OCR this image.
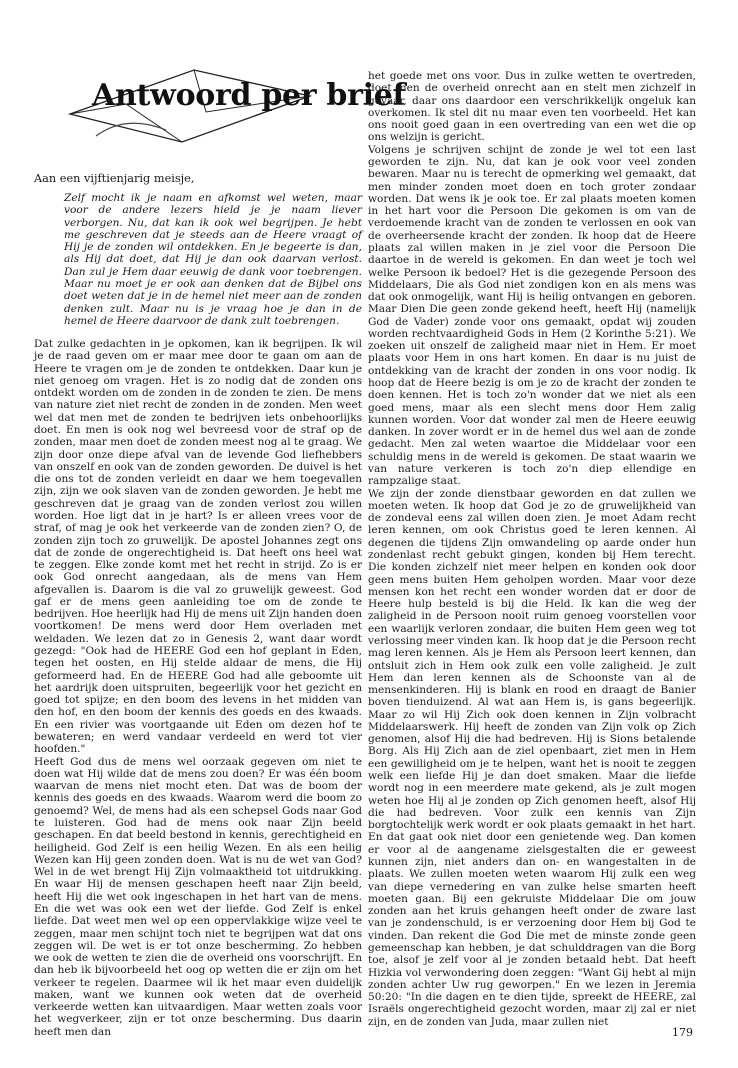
Antwoord per brief
Aan een vijftienjarig meisje,
Zelf mocht ik je naam en afkomst wel weten, maar voor de andere lezers hield je je naam liever verborgen. Nu, dat kan ik ook wel begrijpen. Je hebt me geschreven dat je steeds aan de Heere vraagt of Hij je de zonden wil ontdekken. En je begeerte is dan, als Hij dat doet, dat Hij je dan ook daarvan verlost. Dan zul je Hem daar eeuwig de dank voor toebrengen. Maar nu moet je er ook aan denken dat de Bijbel ons doet weten dat je in de hemel niet meer aan de zonden denken zult. Maar nu is je vraag hoe je dan in de hemel de Heere daarvoor de dank zult toebrengen.

Dat zulke gedachten in je opkomen, kan ik begrijpen. Ik wil je de raad geven om er maar mee door te gaan om aan de Heere te vragen om je de zonden te ontdekken. Daar kun je niet genoeg om vragen. Het is zo nodig dat de zonden ons ontdekt worden om de zonden in de zonden te zien. De mens van nature ziet niet recht de zonden in de zonden. Men weet wel dat men met de zonden te bedrijven iets onbehoorlijks doet. En men is ook nog wel bevreesd voor de straf op de zonden, maar men doet de zonden meest nog al te graag. We zijn door onze diepe afval van de levende God liefhebbers van onszelf en ook van de zonden geworden. De duivel is het die ons tot de zonden verleidt en daar we hem toegevallen zijn, zijn we ook slaven van de zonden geworden. Je hebt me geschreven dat je graag van de zonden verlost zou willen worden. Hoe ligt dat in je hart? Is er alleen vrees voor de straf, of mag je ook het verkeerde van de zonden zien? O, de zonden zijn toch zo gruwelijk. De apostel Johannes zegt ons dat de zonde de ongerechtigheid is. Dat heeft ons heel wat te zeggen. Elke zonde komt met het recht in strijd. Zo is er ook God onrecht aangedaan, als de mens van Hem afgevallen is. Daarom is die val zo gruwelijk geweest. God gaf er de mens geen aanleiding toe om de zonde te bedrijven. Hoe heerlijk had Hij de mens uit Zijn handen doen voortkomen! De mens werd door Hem overladen met weldaden. We lezen dat zo in Genesis 2, want daar wordt gezegd: "Ook had de HEERE God een hof geplant in Eden, tegen het oosten, en Hij stelde aldaar de mens, die Hij geformeerd had. En de HEERE God had alle geboomte uit het aardrijk doen uitspruiten, begeerlijk voor het gezicht en goed tot spijze; en den boom des levens in het midden van den hof, en den boom der kennis des goeds en des kwaads. En een rivier was voortgaande uit Eden om dezen hof te bewateren; en werd vandaar verdeeld en werd tot vier hoofden."

Heeft God dus de mens wel oorzaak gegeven om niet te doen wat Hij wilde dat de mens zou doen? Er was één boom waarvan de mens niet mocht eten. Dat was de boom der kennis des goeds en des kwaads. Waarom werd die boom zo genoemd? Wel, de mens had als een schepsel Gods naar God te luisteren. God had de mens ook naar Zijn beeld geschapen. En dat beeld bestond in kennis, gerechtigheid en heiligheid. God Zelf is een heilig Wezen. En als een heilig Wezen kan Hij geen zonden doen. Wat is nu de wet van God? Wel in de wet brengt Hij Zijn volmaaktheid tot uitdrukking. En waar Hij de mensen geschapen heeft naar Zijn beeld, heeft Hij die wet ook ingeschapen in het hart van de mens. En die wet was ook een wet der liefde. God Zelf is enkel liefde. Dat weet men wel op een oppervlakkige wijze veel te zeggen, maar men schijnt toch niet te begrijpen wat dat ons zeggen wil. De wet is er tot onze bescherming. Zo hebben we ook de wetten te zien die de overheid ons voorschrijft. En dan heb ik bijvoorbeeld het oog op wetten die er zijn om het verkeer te regelen. Daarmee wil ik het maar even duidelijk maken, want we kunnen ook weten dat de overheid verkeerde wetten kan uitvaardigen. Maar wetten zoals voor het wegverkeer, zijn er tot onze bescherming. Dus daarin heeft men dan

het goede met ons voor. Dus in zulke wetten te overtreden, doet men de overheid onrecht aan en stelt men zichzelf in gevaar, daar ons daardoor een verschrikkelijk ongeluk kan overkomen. Ik stel dit nu maar even ten voorbeeld. Het kan ons nooit goed gaan in een overtreding van een wet die op ons welzijn is gericht.

Volgens je schrijven schijnt de zonde je wel tot een last geworden te zijn. Nu, dat kan je ook voor veel zonden bewaren. Maar nu is terecht de opmerking wel gemaakt, dat men minder zonden moet doen en toch groter zondaar worden. Dat wens ik je ook toe. Er zal plaats moeten komen in het hart voor die Persoon Die gekomen is om van de verdoemende kracht van de zonden te verlossen en ook van de overheersende kracht der zonden. Ik hoop dat de Heere plaats zal willen maken in je ziel voor die Persoon Die daartoe in de wereld is gekomen. En dan weet je toch wel welke Persoon ik bedoel? Het is die gezegende Persoon des Middelaars, Die als God niet zondigen kon en als mens was dat ook onmogelijk, want Hij is heilig ontvangen en geboren. Maar Dien Die geen zonde gekend heeft, heeft Hij (namelijk God de Vader) zonde voor ons gemaakt, opdat wij zouden worden rechtvaardigheid Gods in Hem (2 Korinthe 5:21). We zoeken uit onszelf de zaligheid maar niet in Hem. Er moet plaats voor Hem in ons hart komen. En daar is nu juist de ontdekking van de kracht der zonden in ons voor nodig. Ik hoop dat de Heere bezig is om je zo de kracht der zonden te doen kennen. Het is toch zo'n wonder dat we niet als een goed mens, maar als een slecht mens door Hem zalig kunnen worden. Voor dat wonder zal men de Heere eeuwig danken. In zover wordt er in de hemel dus wel aan de zonde gedacht. Men zal weten waartoe die Middelaar voor een schuldig mens in de wereld is gekomen. De staat waarin we van nature verkeren is toch zo'n diep ellendige en rampzalige staat.

We zijn der zonde dienstbaar geworden en dat zullen we moeten weten. Ik hoop dat God je zo de gruwelijkheid van de zondeval eens zal willen doen zien. Je moet Adam recht leren kennen, om ook Christus goed te leren kennen. Al degenen die tijdens Zijn omwandeling op aarde onder hun zondenlast recht gebukt gingen, konden bij Hem terecht. Die konden zichzelf niet meer helpen en konden ook door geen mens buiten Hem geholpen worden. Maar voor deze mensen kon het recht een wonder worden dat er door de Heere hulp besteld is bij die Held. Ik kan die weg der zaligheid in de Persoon nooit ruim genoeg voorstellen voor een waarlijk verloren zondaar, die buiten Hem geen weg tot verlossing meer vinden kan. Ik hoop dat je die Persoon recht mag leren kennen. Als je Hem als Persoon leert kennen, dan ontsluit zich in Hem ook zulk een volle zaligheid. Je zult Hem dan leren kennen als de Schoonste van al de mensenkinderen. Hij is blank en rood en draagt de Banier boven tienduizend. Al wat aan Hem is, is gans begeerlijk. Maar zo wil Hij Zich ook doen kennen in Zijn volbracht Middelaarswerk. Hij heeft de zonden van Zijn volk op Zich genomen, alsof Hij die had bedreven. Hij is Sions betalende Borg. Als Hij Zich aan de ziel openbaart, ziet men in Hem een gewilligheid om je te helpen, want het is nooit te zeggen welk een liefde Hij je dan doet smaken. Maar die liefde wordt nog in een meerdere mate gekend, als je zult mogen weten hoe Hij al je zonden op Zich genomen heeft, alsof Hij die had bedreven. Voor zulk een kennis van Zijn borgtochtelijk werk wordt er ook plaats gemaakt in het hart. En dat gaat ook niet door een genietende weg. Dan komen er voor al de aangename zielsgestalten die er geweest kunnen zijn, niet anders dan on- en wangestalten in de plaats. We zullen moeten weten waarom Hij zulk een weg van diepe vernedering en van zulke helse smarten heeft moeten gaan. Bij een gekruiste Middelaar Die om jouw zonden aan het kruis gehangen heeft onder de zware last van je zondenschuld, is er verzoening door Hem bij God te vinden. Dan rekent die God Die met de minste zonde geen gemeenschap kan hebben, je dat schulddragen van die Borg toe, alsof je zelf voor al je zonden betaald hebt. Dat heeft Hizkia vol verwondering doen zeggen: "Want Gij hebt al mijn zonden achter Uw rug geworpen." En we lezen in Jeremia 50:20: "In die dagen en te dien tijde, spreekt de HEERE, zal Israëls ongerechtigheid gezocht worden, maar zij zal er niet zijn, en de zonden van Juda, maar zullen niet

179
